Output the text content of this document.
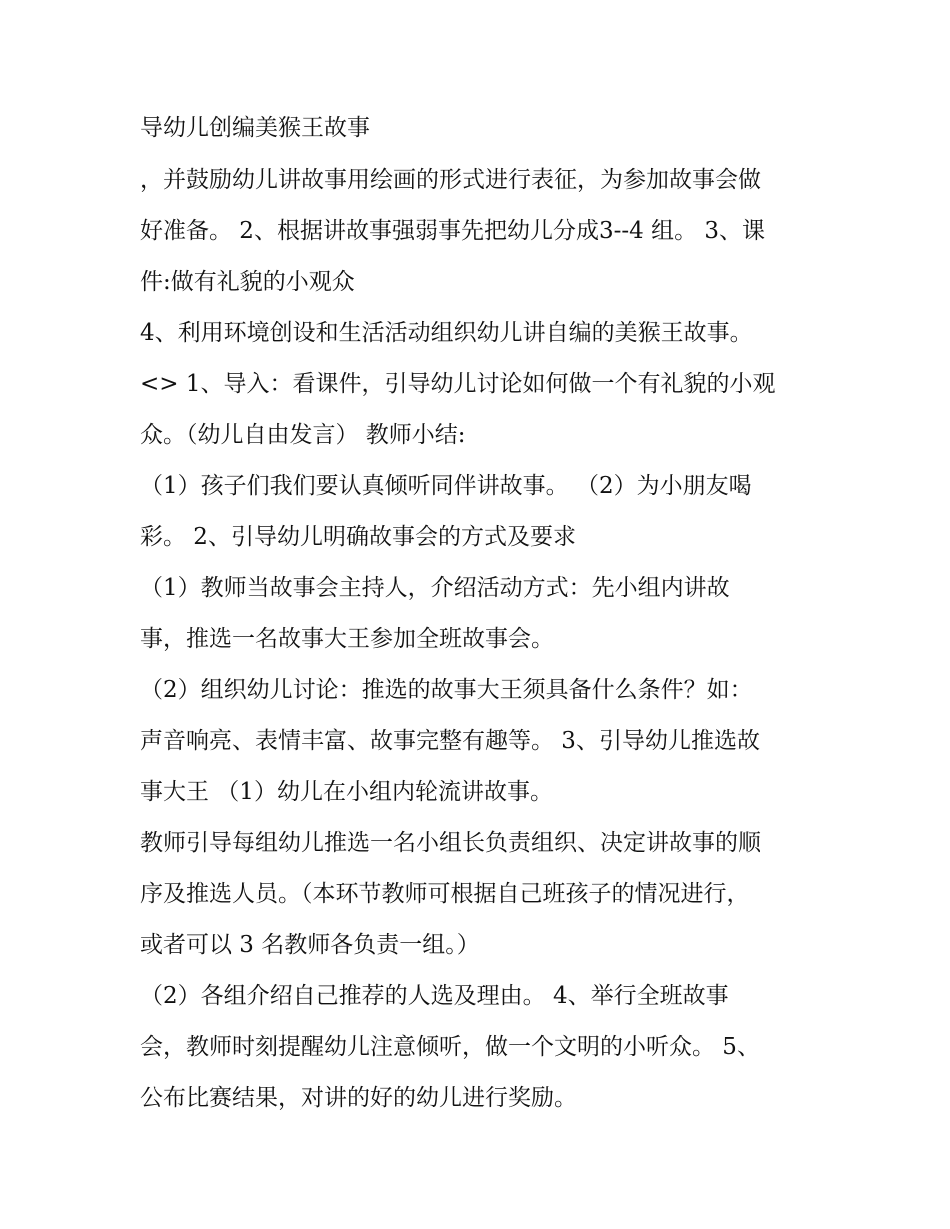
导幼儿创编美猴王故事
，并鼓励幼儿讲故事用绘画的形式进行表征，为参加故事会做
好准备。 2、根据讲故事强弱事先把幼儿分成3--4 组。 3、课
件:做有礼貌的小观众
4、利用环境创设和生活活动组织幼儿讲自编的美猴王故事。
<> 1、导入：看课件，引导幼儿讨论如何做一个有礼貌的小观
众。（幼儿自由发言） 教师小结:
（1）孩子们我们要认真倾听同伴讲故事。 （2）为小朋友喝
彩。 2、引导幼儿明确故事会的方式及要求
（1）教师当故事会主持人，介绍活动方式：先小组内讲故
事，推选一名故事大王参加全班故事会。
（2）组织幼儿讨论：推选的故事大王须具备什么条件？如：
声音响亮、表情丰富、故事完整有趣等。 3、引导幼儿推选故
事大王 （1）幼儿在小组内轮流讲故事。
教师引导每组幼儿推选一名小组长负责组织、决定讲故事的顺
序及推选人员。（本环节教师可根据自己班孩子的情况进行，
或者可以 3 名教师各负责一组。）
（2）各组介绍自己推荐的人选及理由。 4、举行全班故事
会，教师时刻提醒幼儿注意倾听，做一个文明的小听众。 5、
公布比赛结果，对讲的好的幼儿进行奖励。
